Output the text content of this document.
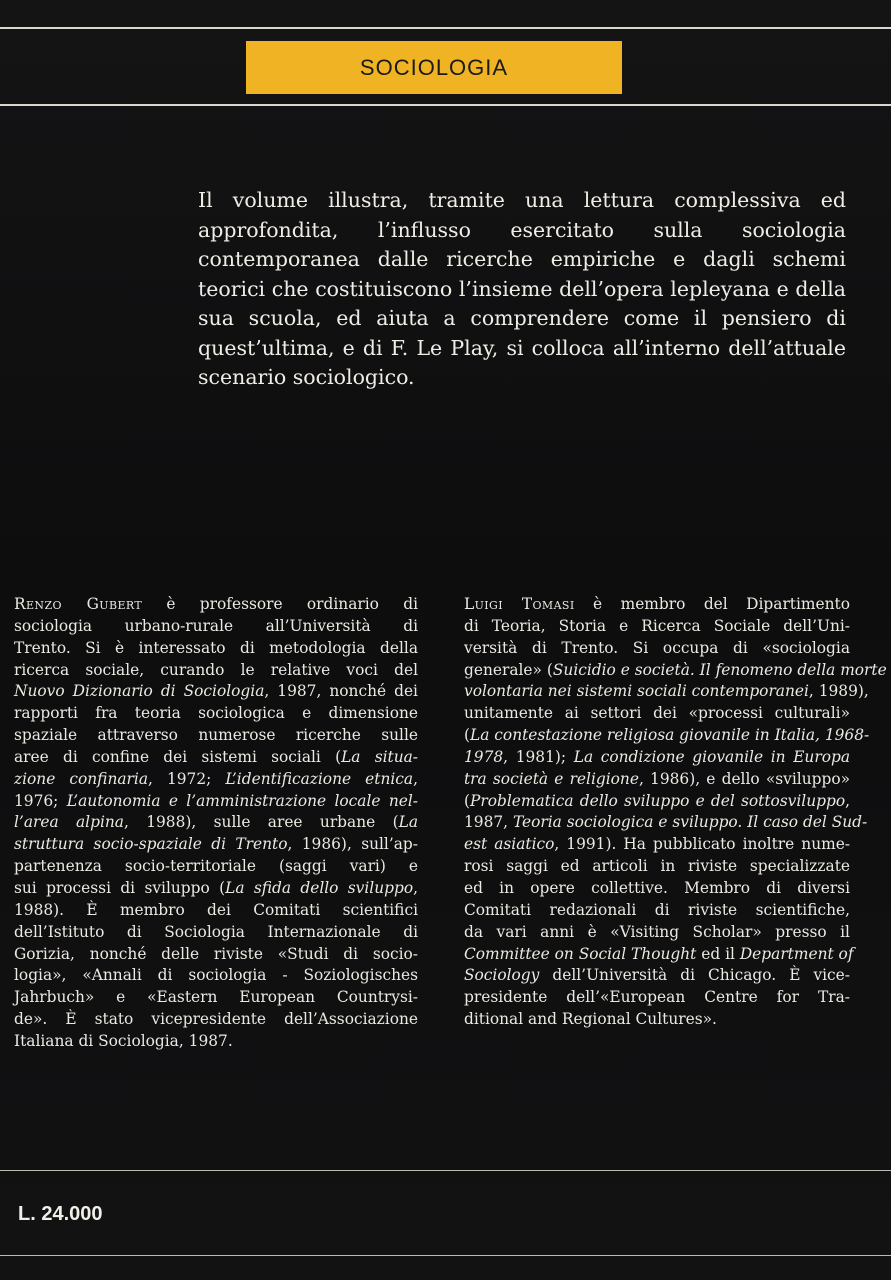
SOCIOLOGIA

Il volume illustra, tramite una lettura complessiva ed approfondita, l’influsso esercitato sulla sociologia contemporanea dalle ricerche empiriche e dagli schemi teorici che costituiscono l’insieme dell’opera lepleyana e della sua scuola, ed aiuta a comprendere come il pensiero di quest’ultima, e di F. Le Play, si colloca all’interno dell’attuale scenario sociologico.

Renzo Gubert è professore ordinario di
sociologia urbano-rurale all’Università di
Trento. Si è interessato di metodologia della
ricerca sociale, curando le relative voci del
Nuovo Dizionario di Sociologia, 1987, nonché dei
rapporti fra teoria sociologica e dimensione
spaziale attraverso numerose ricerche sulle
aree di confine dei sistemi sociali (La situa-
zione confinaria, 1972; L’identificazione etnica,
1976; L’autonomia e l’amministrazione locale nel-
l’area alpina, 1988), sulle aree urbane (La
struttura socio-spaziale di Trento, 1986), sull’ap-
partenenza socio-territoriale (saggi vari) e
sui processi di sviluppo (La sfida dello sviluppo,
1988). È membro dei Comitati scientifici
dell’Istituto di Sociologia Internazionale di
Gorizia, nonché delle riviste «Studi di socio-
logia», «Annali di sociologia - Soziologisches
Jahrbuch» e «Eastern European Countrysi-
de». È stato vicepresidente dell’Associazione
Italiana di Sociologia, 1987.
Luigi Tomasi è membro del Dipartimento
di Teoria, Storia e Ricerca Sociale dell’Uni-
versità di Trento. Si occupa di «sociologia
generale» (Suicidio e società. Il fenomeno della morte
volontaria nei sistemi sociali contemporanei, 1989),
unitamente ai settori dei «processi culturali»
(La contestazione religiosa giovanile in Italia, 1968-
1978, 1981); La condizione giovanile in Europa
tra società e religione, 1986), e dello «sviluppo»
(Problematica dello sviluppo e del sottosviluppo,
1987, Teoria sociologica e sviluppo. Il caso del Sud-
est asiatico, 1991). Ha pubblicato inoltre nume-
rosi saggi ed articoli in riviste specializzate
ed in opere collettive. Membro di diversi
Comitati redazionali di riviste scientifiche,
da vari anni è «Visiting Scholar» presso il
Committee on Social Thought ed il Department of
Sociology dell’Università di Chicago. È vice-
presidente dell’«European Centre for Tra-
ditional and Regional Cultures».
L. 24.000
